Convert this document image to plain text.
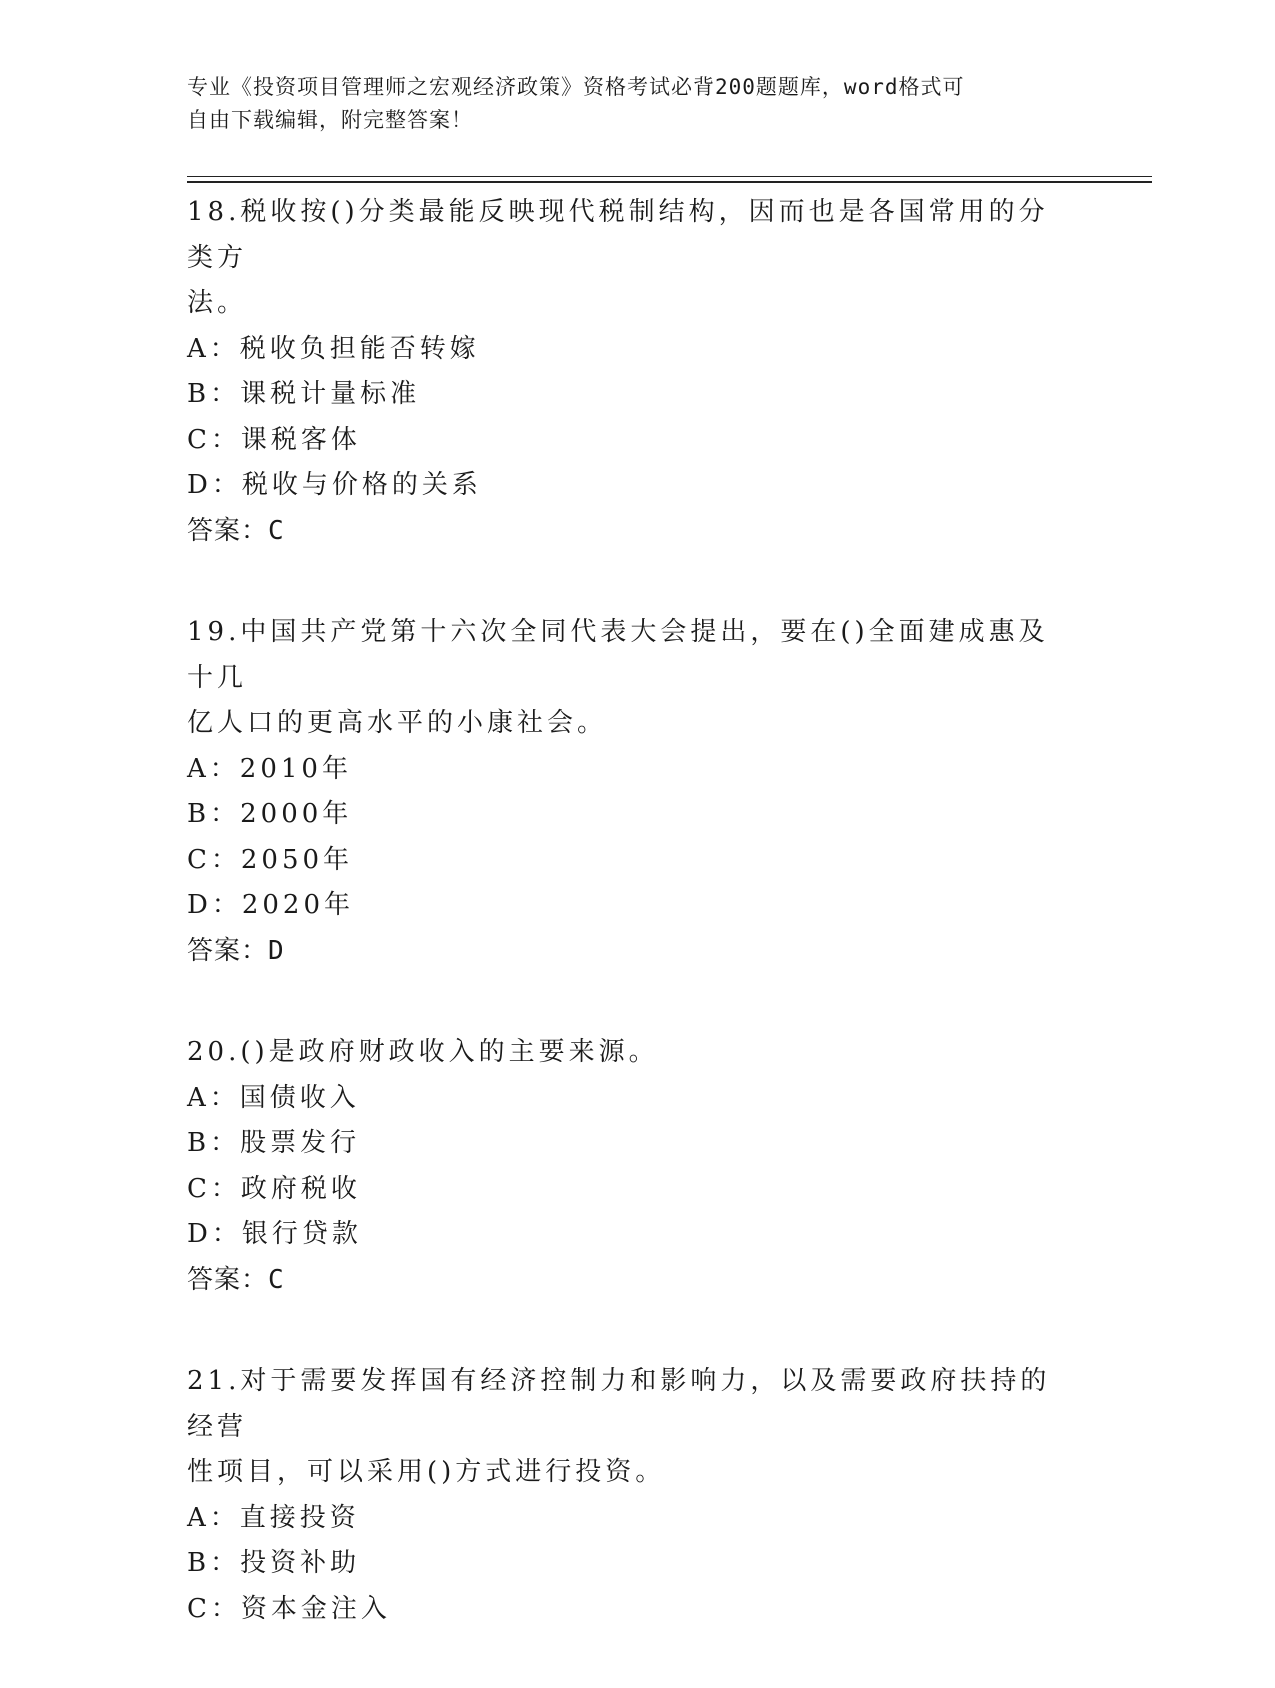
专业《投资项目管理师之宏观经济政策》资格考试必背200题题库，word格式可
自由下载编辑，附完整答案！
18.税收按()分类最能反映现代税制结构，因而也是各国常用的分类方
法。
A：税收负担能否转嫁
B：课税计量标准
C：课税客体
D：税收与价格的关系
答案：C
19.中国共产党第十六次全同代表大会提出，要在()全面建成惠及十几
亿人口的更高水平的小康社会。
A：2010年
B：2000年
C：2050年
D：2020年
答案：D
20.()是政府财政收入的主要来源。
A：国债收入
B：股票发行
C：政府税收
D：银行贷款
答案：C
21.对于需要发挥国有经济控制力和影响力，以及需要政府扶持的经营
性项目，可以采用()方式进行投资。
A：直接投资
B：投资补助
C：资本金注入
